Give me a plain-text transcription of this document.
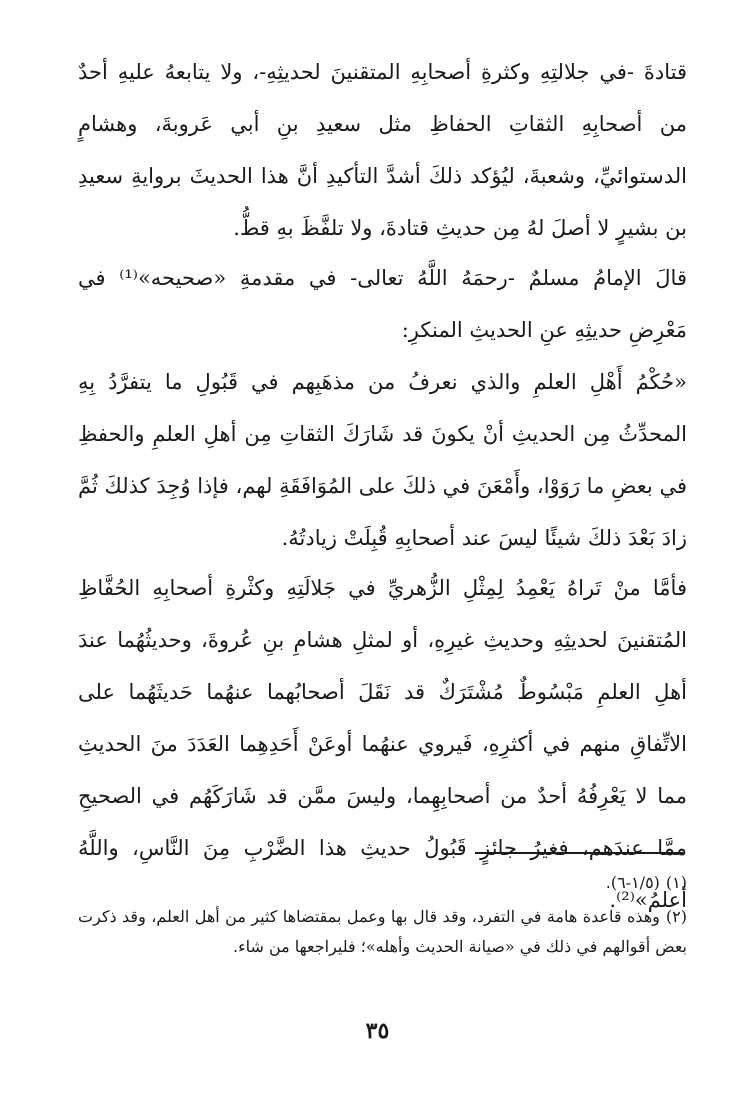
قتادةَ -في جلالتِهِ وكثرةِ أصحابِهِ المتقنينَ لحديثِهِ-، ولا يتابعهُ عليهِ أحدٌ من أصحابِهِ الثقاتِ الحفاظِ مثل سعيدِ بنِ أبي عَروبةَ، وهشامٍ الدستوائيِّ، وشعبةَ، ليُؤكد ذلكَ أشدَّ التأكيدِ أنَّ هذا الحديثَ بروايةِ سعيدِ بن بشيرٍ لا أصلَ لهُ مِن حديثِ قتادةَ، ولا تلفَّظَ بهِ قطُّ.

قالَ الإمامُ مسلمٌ -رحمَهُ اللَّهُ تعالى- في مقدمةِ «صحيحه»⁽¹⁾ في مَعْرِضِ حديثِهِ عنِ الحديثِ المنكرِ:

«حُكْمُ أَهْلِ العلمِ والذي نعرفُ من مذهَبِهم في قَبُولِ ما يتفرَّدُ بِهِ المحدِّثُ مِن الحديثِ أنْ يكونَ قد شَارَكَ الثقاتِ مِن أهلِ العلمِ والحفظِ في بعضِ ما رَوَوْا، وأَمْعَنَ في ذلكَ على المُوَافَقَةِ لهم، فإذا وُجِدَ كذلكَ ثُمَّ زادَ بَعْدَ ذلكَ شيئًا ليسَ عند أصحابِهِ قُبِلَتْ زيادتُهُ.

فأمَّا منْ تَراهُ يَعْمِدُ لِمِثْلِ الزُّهريِّ في جَلالَتِهِ وكثْرةِ أصحابِهِ الحُفَّاظِ المُتقنينَ لحديثِهِ وحديثِ غيرِهِ، أو لمثلِ هشامِ بنِ عُروةَ، وحديثُهُما عندَ أهلِ العلمِ مَبْسُوطٌ مُشْتَرَكٌ قد نَقَلَ أصحابُهما عنهُما حَديثَهُما على الاتِّفاقِ منهم في أكثرِهِ، فَيروي عنهُما أوعَنْ أَحَدِهِما العَدَدَ منَ الحديثِ مما لا يَعْرِفُهُ أحدٌ من أصحابِهِما، وليسَ ممَّن قد شَارَكَهُم في الصحيحِ ممَّا عندَهم، فغيرُ جائزٍ قَبُولُ حديثِ هذا الضَّرْبِ مِنَ النَّاسِ، واللَّهُ أعلمُ»⁽²⁾.

(١)(١/٥-٦).

(٢)وهذه قاعدة هامة في التفرد، وقد قال بها وعمل بمقتضاها كثير من أهل العلم، وقد ذكرت بعض أقوالهم في ذلك في «صيانة الحديث وأهله»؛ فليراجعها من شاء.

٣٥
